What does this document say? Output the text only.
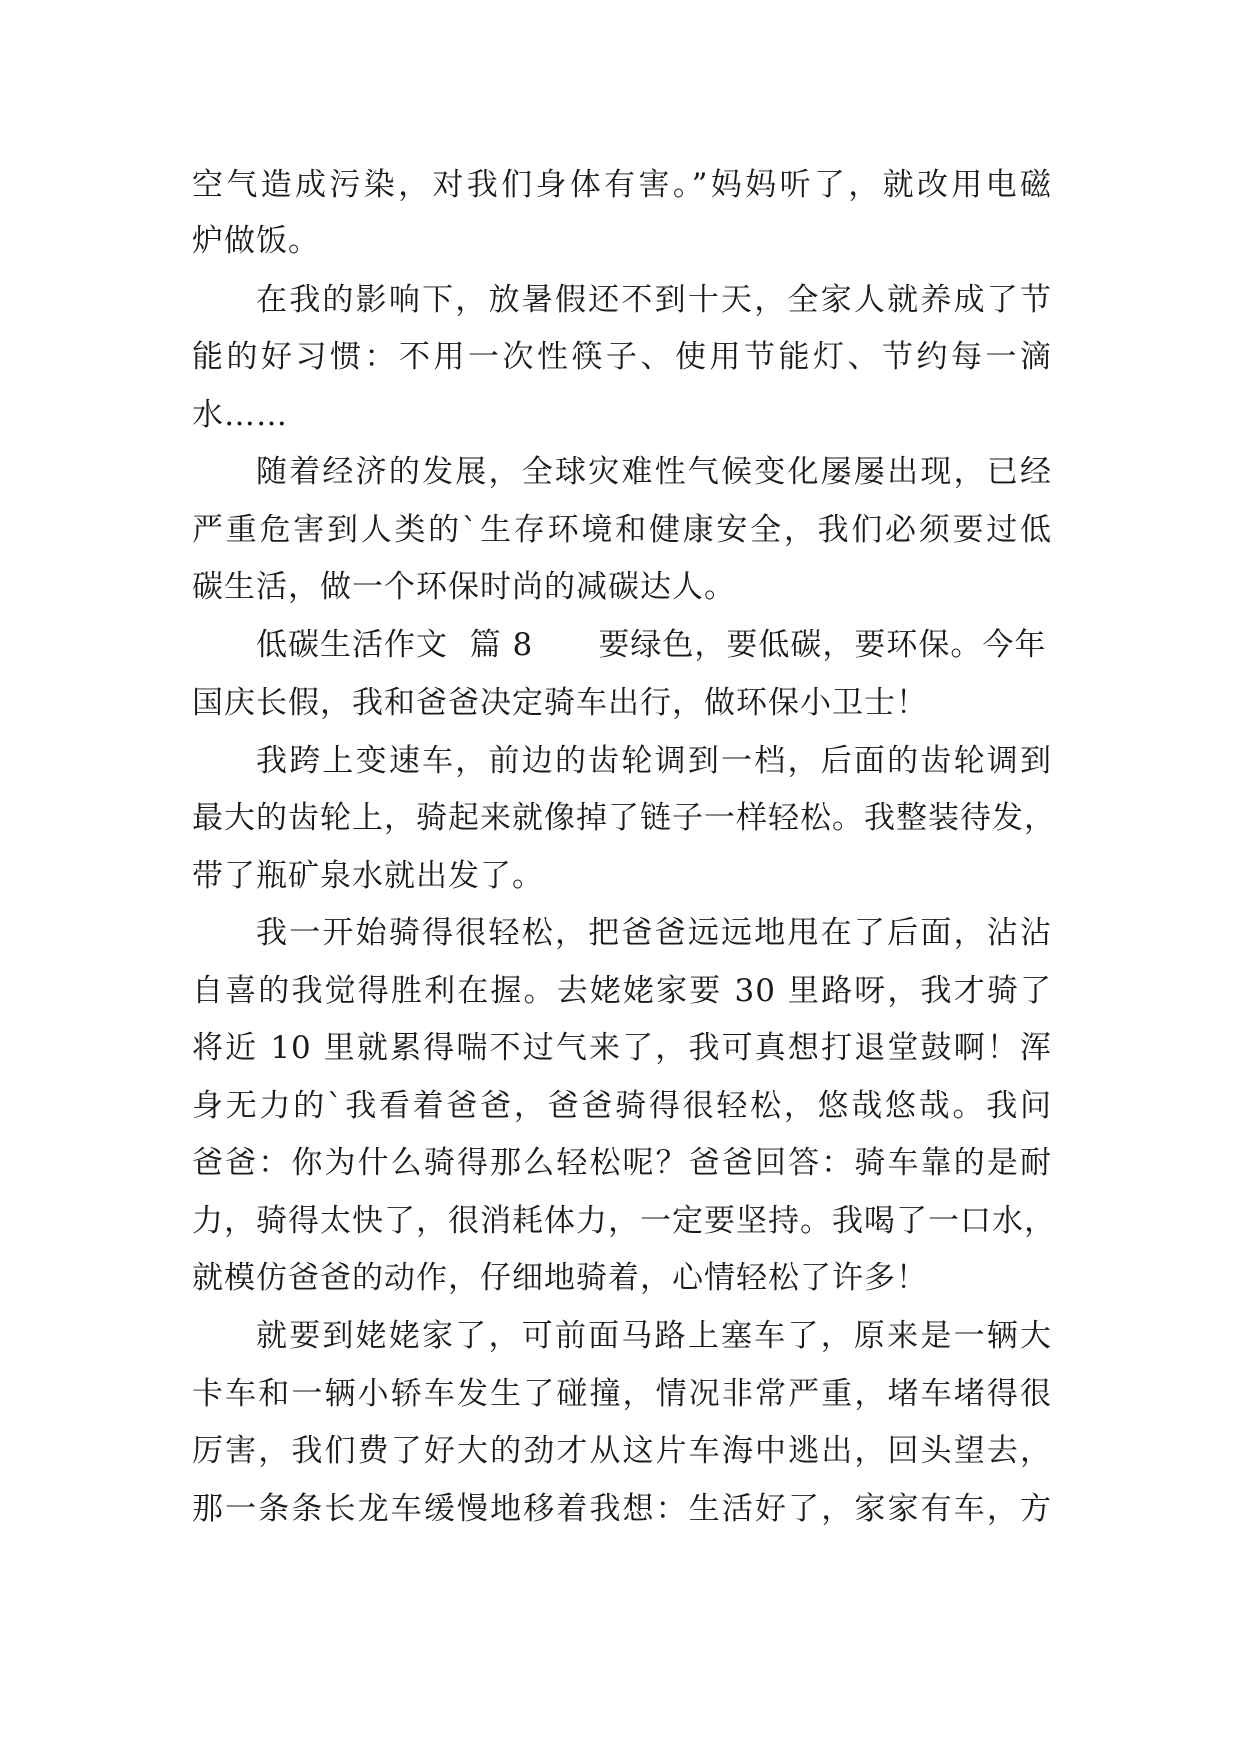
空气造成污染，对我们身体有害。”妈妈听了，就改用电磁
炉做饭。
在我的影响下，放暑假还不到十天，全家人就养成了节
能的好习惯：不用一次性筷子、使用节能灯、节约每一滴
水……
随着经济的发展，全球灾难性气候变化屡屡出现，已经
严重危害到人类的`生存环境和健康安全，我们必须要过低
碳生活，做一个环保时尚的减碳达人。
低碳生活作文  篇 8      要绿色，要低碳，要环保。今年
国庆长假，我和爸爸决定骑车出行，做环保小卫士！
我跨上变速车，前边的齿轮调到一档，后面的齿轮调到
最大的齿轮上，骑起来就像掉了链子一样轻松。我整装待发，
带了瓶矿泉水就出发了。
我一开始骑得很轻松，把爸爸远远地甩在了后面，沾沾
自喜的我觉得胜利在握。去姥姥家要 30 里路呀，我才骑了
将近 10 里就累得喘不过气来了，我可真想打退堂鼓啊！浑
身无力的`我看着爸爸，爸爸骑得很轻松，悠哉悠哉。我问
爸爸：你为什么骑得那么轻松呢？爸爸回答：骑车靠的是耐
力，骑得太快了，很消耗体力，一定要坚持。我喝了一口水，
就模仿爸爸的动作，仔细地骑着，心情轻松了许多！
就要到姥姥家了，可前面马路上塞车了，原来是一辆大
卡车和一辆小轿车发生了碰撞，情况非常严重，堵车堵得很
厉害，我们费了好大的劲才从这片车海中逃出，回头望去，
那一条条长龙车缓慢地移着我想：生活好了，家家有车，方
